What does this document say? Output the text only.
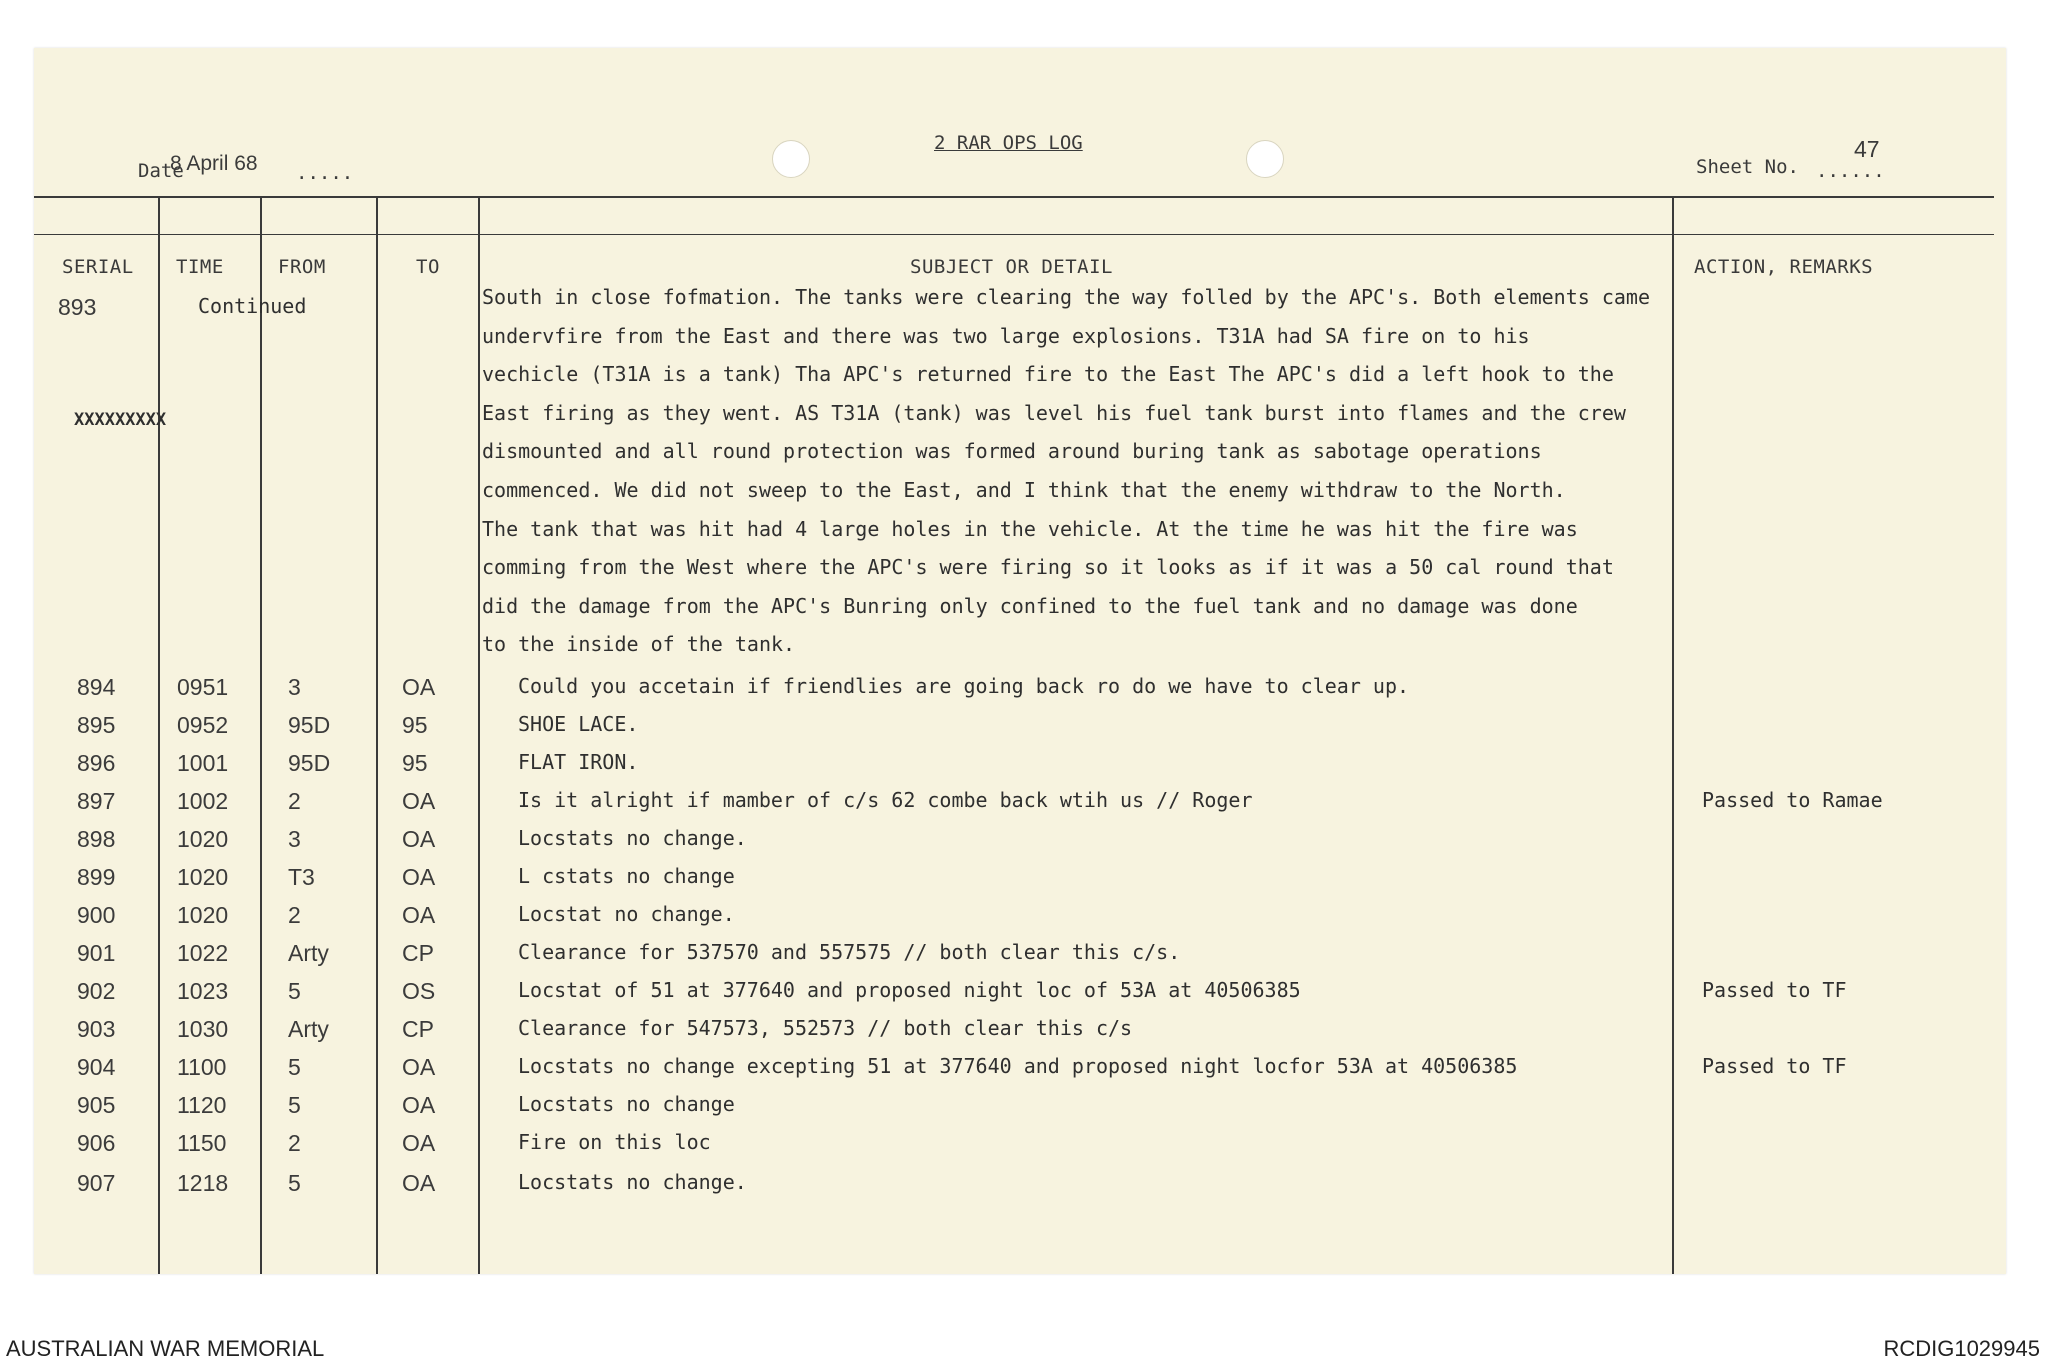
Date
8 April 68 .....
2 RAR OPS LOG
Sheet No.
47
......
SERIAL TIME	FROM	TO	SUBJECT OR DETAIL	ACTION, REMARKS
893	Continued
XXXXXXXXX
South in close fofmation. The tanks were clearing the way folled by the APC's. Both elements came
undervfire from the East and there was two large explosions. T31A had SA fire on to his
vechicle (T31A is a tank) Tha APC's returned fire to the East The APC's did a left hook to the
East firing as they went. AS T31A (tank) was level his fuel tank burst into flames and the crew
dismounted and all round protection was formed around buring tank as sabotage operations
commenced. We did not sweep to the East, and I think that the enemy withdraw to the North.
The tank that was hit had 4 large holes in the vehicle. At the time he was hit the fire was
comming from the West where the APC's were firing so it looks as if it was a 50 cal round that
did the damage from the APC's Bunring only confined to the fuel tank and no damage was done
to the inside of the tank.
894	0951	3	OA	Could you accetain if friendlies are going back ro do we have to clear up.
895	0952	95D	95	SHOE LACE.
896	1001	95D	95	FLAT IRON.
897	1002	2	OA	Is it alright if mamber of c/s 62 combe back wtih us // Roger	Passed to Ramae
898	1020	3	OA	Locstats no change.
899	1020	T3	OA	L cstats no change
900	1020	2	OA	Locstat no change.
901	1022	Arty	CP	Clearance for 537570 and 557575 // both clear this c/s.
902	1023	5	OS	Locstat of 51 at 377640 and proposed night loc of 53A at 40506385	Passed to TF
903	1030	Arty	CP	Clearance for 547573, 552573 // both clear this c/s
904	1100	5	OA	Locstats no change excepting 51 at 377640 and proposed night locfor 53A at 40506385	Passed to TF
905	1120	5	OA	Locstats no change
906	1150	2	OA	Fire on this loc
907	1218	5	OA	Locstats no change.
AUSTRALIAN WAR MEMORIAL	RCDIG1029945
